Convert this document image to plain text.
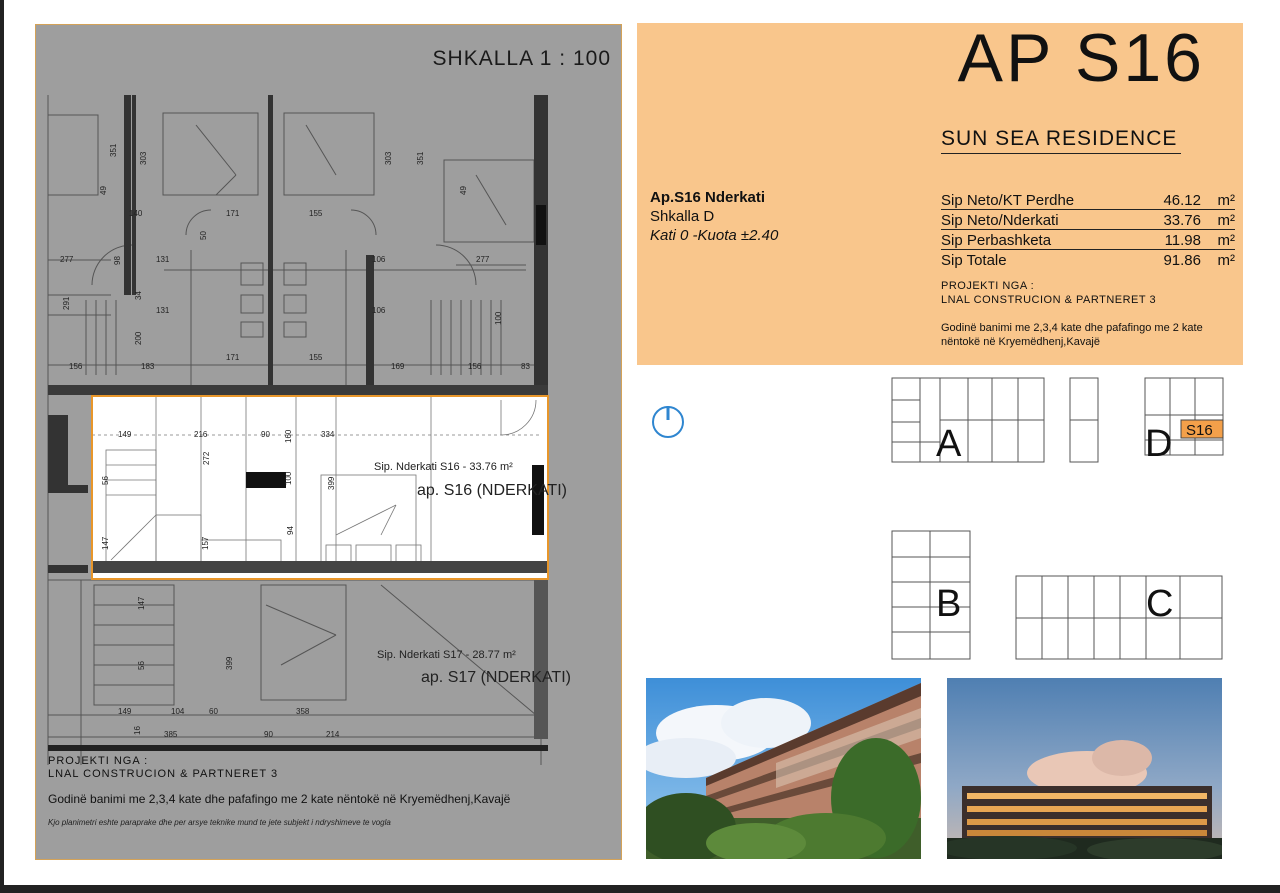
351
49
303
140	171	155
303	351
49
277	98	131
50
106	277
34
131	106
200
291
171	155
169	156
156	183	83
100
149	216	90 160	334
272
56	100	399
94
147	157
147
56	399
149	104	60	358
16	385	90	214
Sip. Nderkati S16 - 33.76 m²
ap. S16 (NDERKATI)
Sip. Nderkati S17 - 28.77 m²
ap. S17 (NDERKATI)
SHKALLA 1 : 100
PROJEKTI NGA :
LNAL CONSTRUCION & PARTNERET 3
Godinë banimi me 2,3,4 kate dhe pafafingo me 2 kate nëntokë në Kryemëdhenj,Kavajë
Kjo planimetri eshte paraprake dhe per arsye teknike mund te jete subjekt i ndryshimeve te vogla
AP S16
SUN SEA RESIDENCE
Ap.S16 Nderkati
Shkalla D
Kati 0 -Kuota ±2.40
Sip Neto/KT Perdhe	46.12	m²
Sip Neto/Nderkati	33.76	m²
Sip Perbashketa	11.98	m²
Sip Totale	91.86	m²
PROJEKTI NGA :
LNAL CONSTRUCION & PARTNERET 3
Godinë banimi me 2,3,4 kate dhe pafafingo me 2 kate nëntokë në Kryemëdhenj,Kavajë
A	D S16
B	C
